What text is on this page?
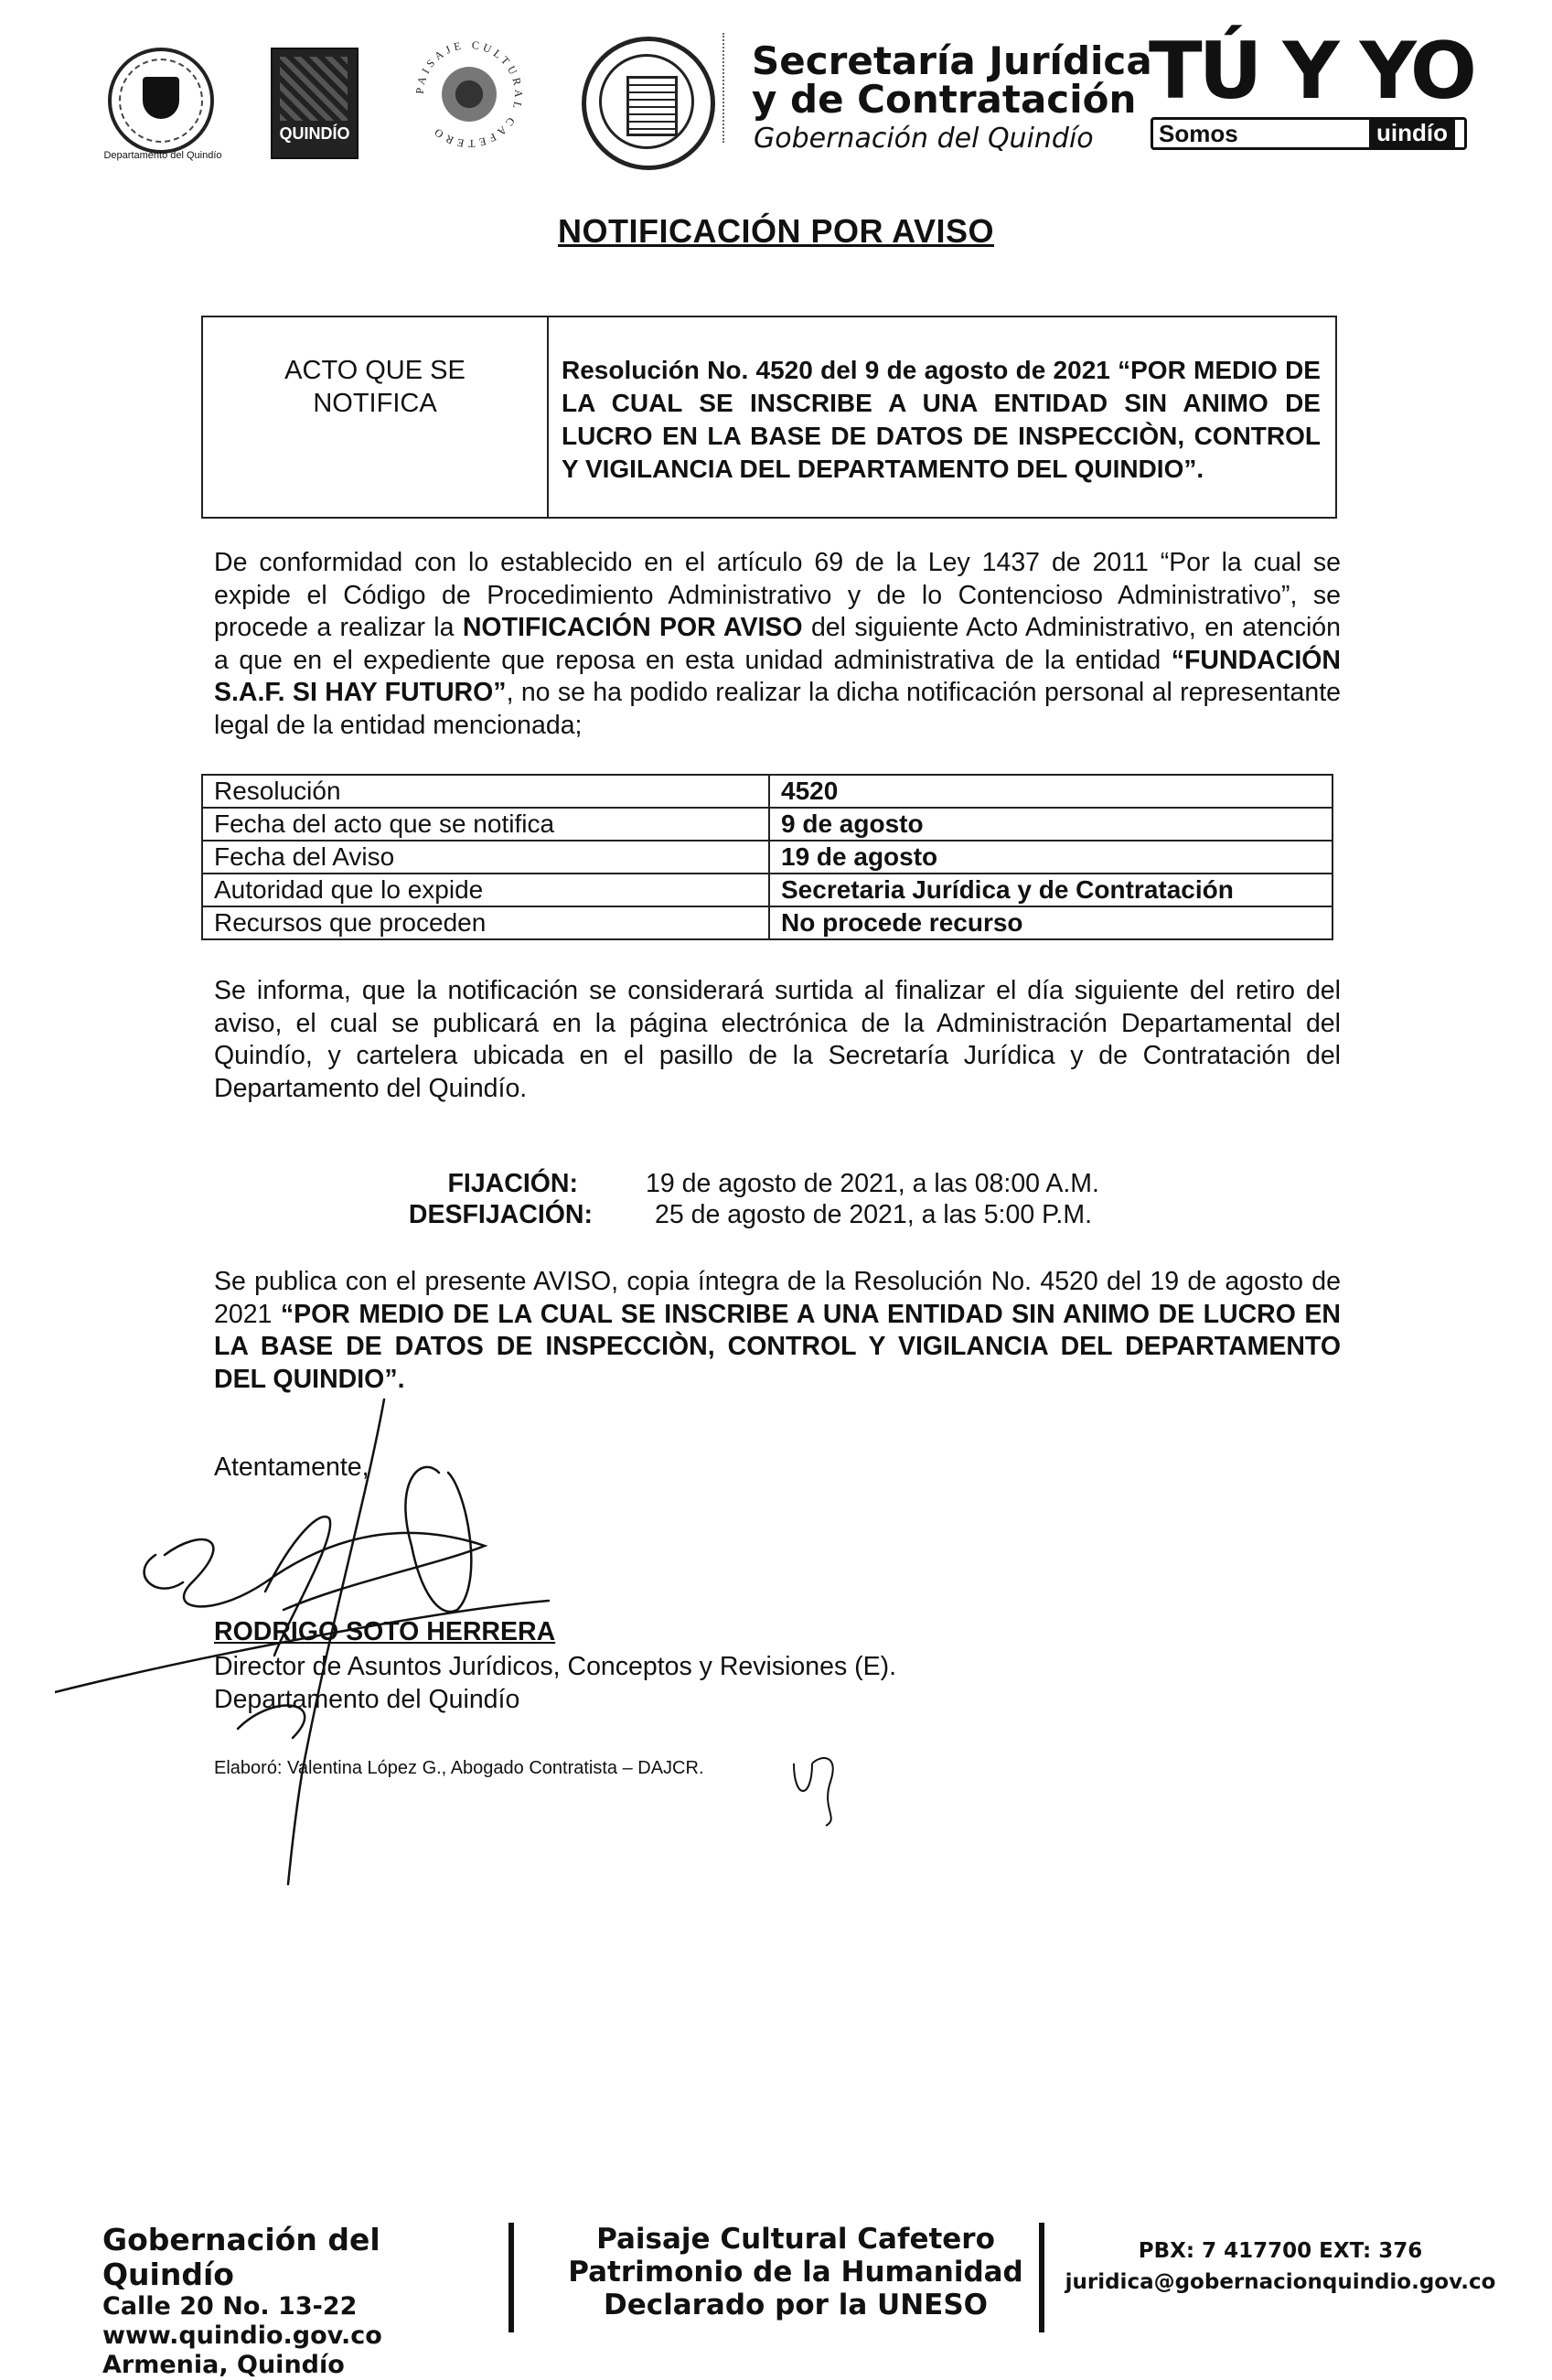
Departamento del Quindío
QUINDÍO
PAISAJE CULTURAL CAFETERO
Secretaría Jurídica
y de Contratación
Gobernación del Quindío
TÚ Y YO
Somos	uindío
NOTIFICACIÓN POR AVISO
ACTO QUE SE
NOTIFICA
Resolución No. 4520 del 9 de agosto de 2021 “POR MEDIO DE LA CUAL SE INSCRIBE A UNA ENTIDAD SIN ANIMO DE LUCRO EN LA BASE DE DATOS DE INSPECCIÒN, CONTROL Y VIGILANCIA DEL DEPARTAMENTO DEL QUINDIO”.
De conformidad con lo establecido en el artículo 69 de la Ley 1437 de 2011 “Por la cual se expide el Código de Procedimiento Administrativo y de lo Contencioso Administrativo”, se procede a realizar la NOTIFICACIÓN POR AVISO del siguiente Acto Administrativo, en atención a que en el expediente que reposa en esta unidad administrativa de la entidad “FUNDACIÓN S.A.F. SI HAY FUTURO”, no se ha podido realizar la dicha notificación personal al representante legal de la entidad mencionada;
Resolución	4520
Fecha del acto que se notifica	9 de agosto
Fecha del Aviso	19 de agosto
Autoridad que lo expide	Secretaria Jurídica y de Contratación
Recursos que proceden	No procede recurso
Se informa, que la notificación se considerará surtida al finalizar el día siguiente del retiro del aviso, el cual se publicará en la página electrónica de la Administración Departamental del Quindío, y cartelera ubicada en el pasillo de la Secretaría Jurídica y de Contratación del Departamento del Quindío.
FIJACIÓN:	19 de agosto de 2021, a las 08:00 A.M.
DESFIJACIÓN: 25 de agosto de 2021, a las 5:00 P.M.
Se publica con el presente AVISO, copia íntegra de la Resolución No. 4520 del 19 de agosto de 2021 “POR MEDIO DE LA CUAL SE INSCRIBE A UNA ENTIDAD SIN ANIMO DE LUCRO EN LA BASE DE DATOS DE INSPECCIÒN, CONTROL Y VIGILANCIA DEL DEPARTAMENTO DEL QUINDIO”.
Atentamente,
RODRIGO SOTO HERRERA
Director de Asuntos Jurídicos, Conceptos y Revisiones (E).
Departamento del Quindío
Elaboró: Valentina López G., Abogado Contratista – DAJCR.
Gobernación del Quindío
Calle 20 No. 13-22
www.quindio.gov.co
Armenia, Quindío
Paisaje Cultural Cafetero
Patrimonio de la Humanidad
Declarado por la UNESO
PBX: 7 417700 EXT: 376
juridica@gobernacionquindio.gov.co
